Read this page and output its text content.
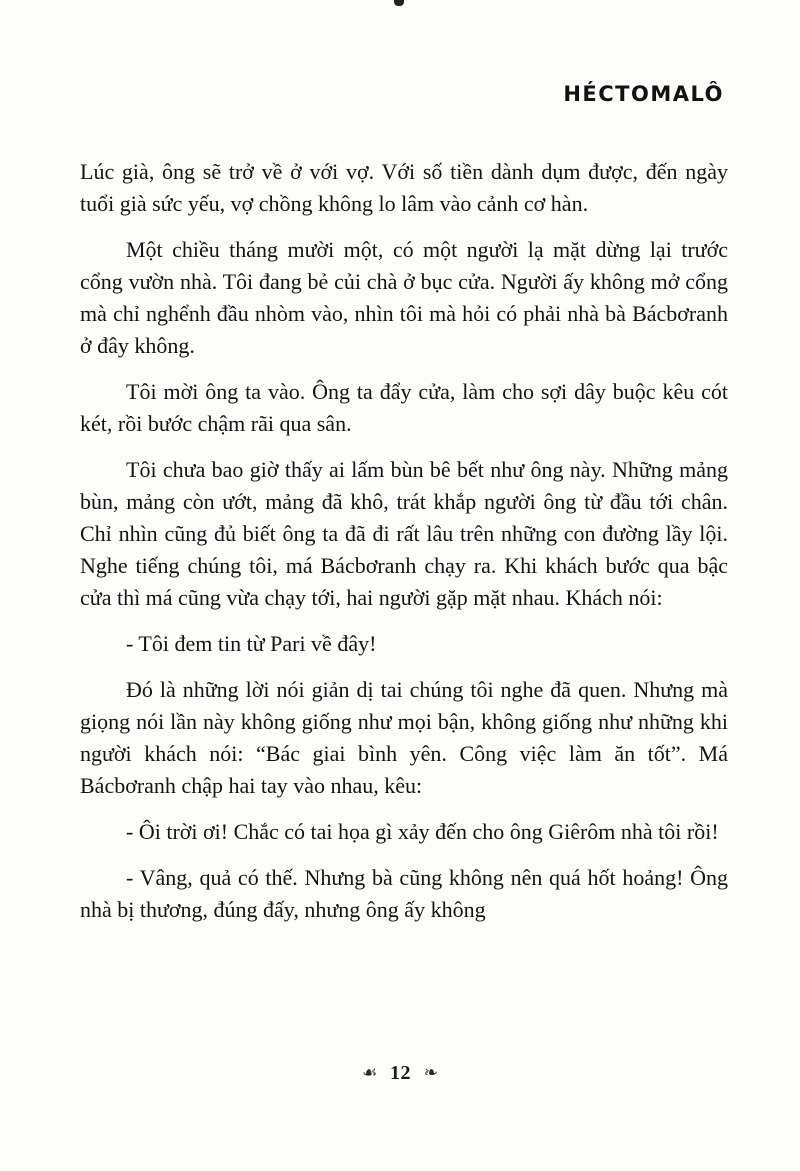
HÉCTOMALÔ

Lúc già, ông sẽ trở về ở với vợ. Với số tiền dành dụm được, đến ngày tuổi già sức yếu, vợ chồng không lo lâm vào cảnh cơ hàn.

Một chiều tháng mười một, có một người lạ mặt dừng lại trước cổng vườn nhà. Tôi đang bẻ củi chà ở bục cửa. Người ấy không mở cổng mà chỉ nghểnh đầu nhòm vào, nhìn tôi mà hỏi có phải nhà bà Bácbơranh ở đây không.

Tôi mời ông ta vào. Ông ta đẩy cửa, làm cho sợi dây buộc kêu cót két, rồi bước chậm rãi qua sân.

Tôi chưa bao giờ thấy ai lấm bùn bê bết như ông này. Những mảng bùn, mảng còn ướt, mảng đã khô, trát khắp người ông từ đầu tới chân. Chỉ nhìn cũng đủ biết ông ta đã đi rất lâu trên những con đường lầy lội. Nghe tiếng chúng tôi, má Bácbơranh chạy ra. Khi khách bước qua bậc cửa thì má cũng vừa chạy tới, hai người gặp mặt nhau. Khách nói:

- Tôi đem tin từ Pari về đây!

Đó là những lời nói giản dị tai chúng tôi nghe đã quen. Nhưng mà giọng nói lần này không giống như mọi bận, không giống như những khi người khách nói: “Bác giai bình yên. Công việc làm ăn tốt”. Má Bácbơranh chập hai tay vào nhau, kêu:

- Ôi trời ơi! Chắc có tai họa gì xảy đến cho ông Giêrôm nhà tôi rồi!

- Vâng, quả có thế. Nhưng bà cũng không nên quá hốt hoảng! Ông nhà bị thương, đúng đấy, nhưng ông ấy không

☙ 12 ❧
